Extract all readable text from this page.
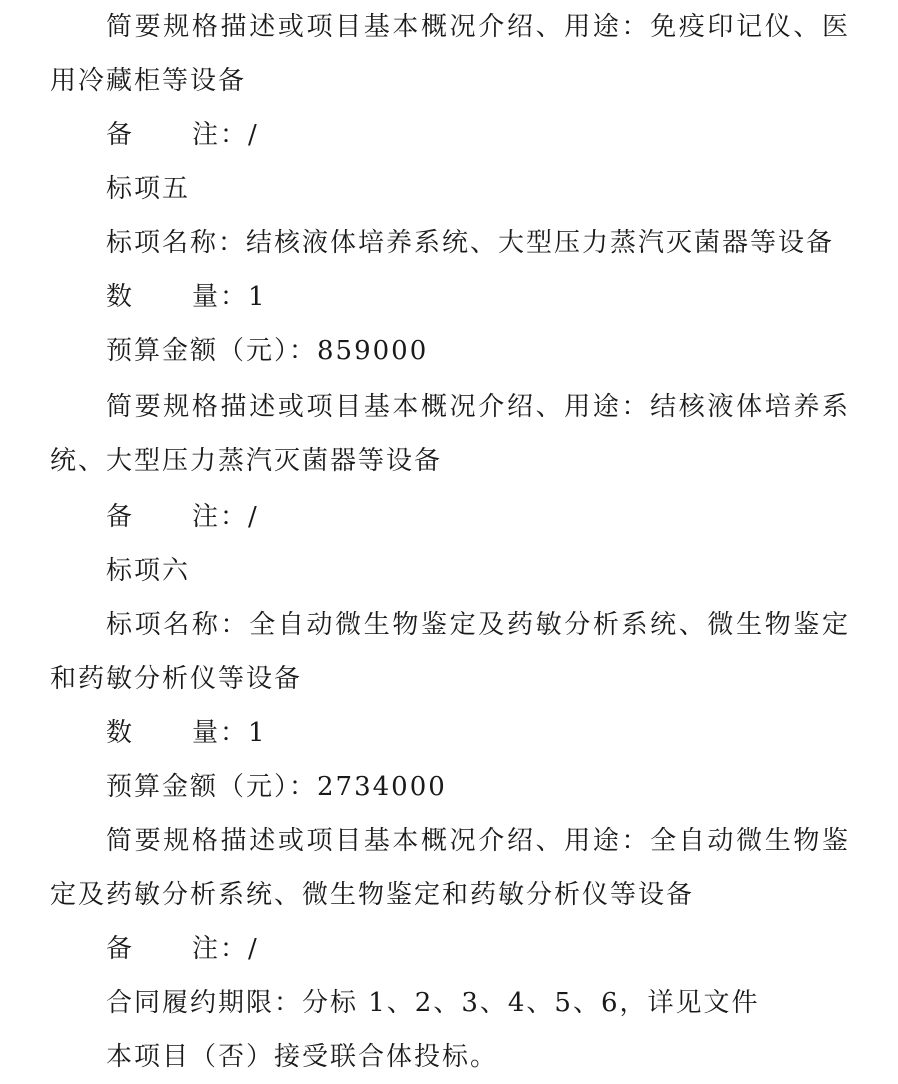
简要规格描述或项目基本概况介绍、用途：免疫印记仪、医
用冷藏柜等设备
备 注：/
标项五
标项名称：结核液体培养系统、大型压力蒸汽灭菌器等设备
数 量：1
预算金额（元）：859000
简要规格描述或项目基本概况介绍、用途：结核液体培养系
统、大型压力蒸汽灭菌器等设备
备 注：/
标项六
标项名称：全自动微生物鉴定及药敏分析系统、微生物鉴定
和药敏分析仪等设备
数 量：1
预算金额（元）：2734000
简要规格描述或项目基本概况介绍、用途：全自动微生物鉴
定及药敏分析系统、微生物鉴定和药敏分析仪等设备
备 注：/
合同履约期限：分标 1、2、3、4、5、6，详见文件
本项目（否）接受联合体投标。
